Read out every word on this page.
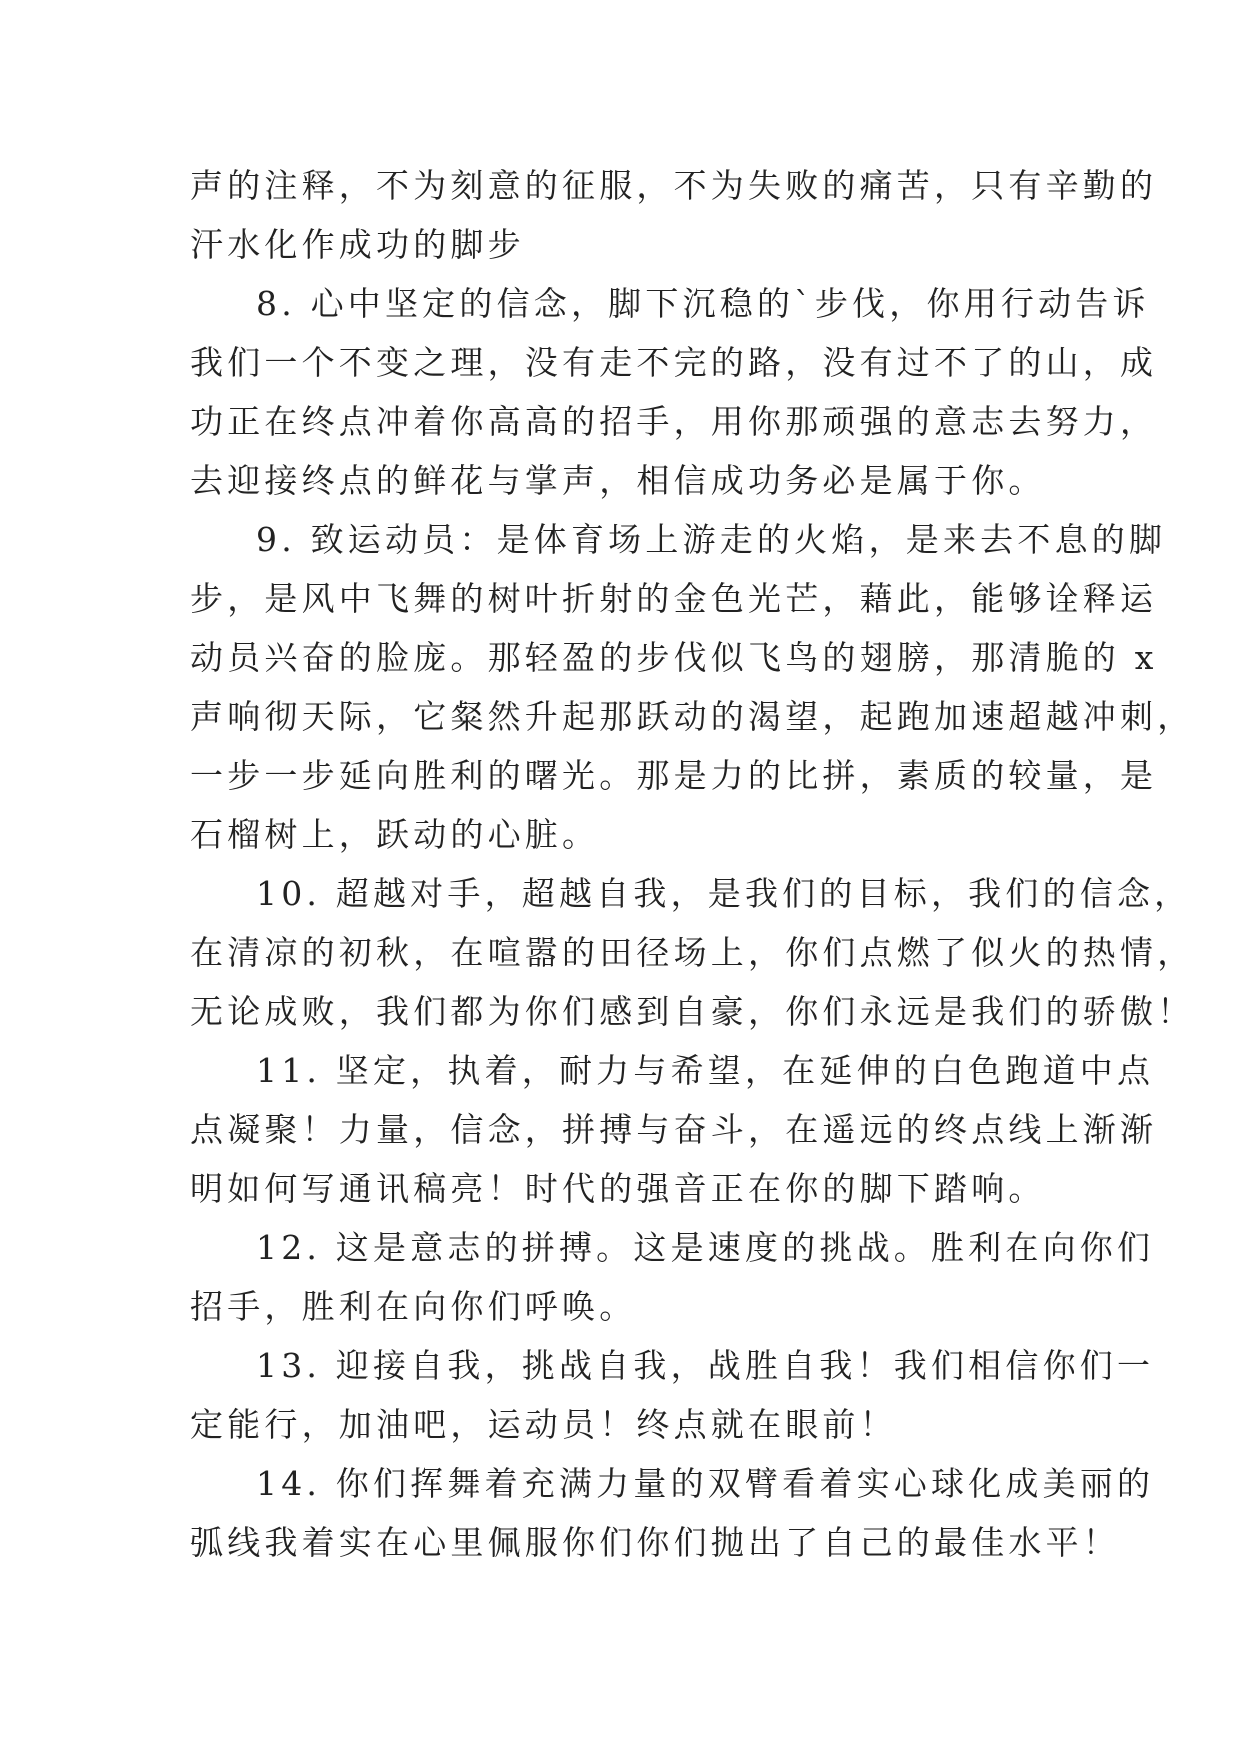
声的注释，不为刻意的征服，不为失败的痛苦，只有辛勤的
汗水化作成功的脚步
8. 心中坚定的信念，脚下沉稳的`步伐，你用行动告诉
我们一个不变之理，没有走不完的路，没有过不了的山，成
功正在终点冲着你高高的招手，用你那顽强的意志去努力，
去迎接终点的鲜花与掌声，相信成功务必是属于你。
9. 致运动员：是体育场上游走的火焰，是来去不息的脚
步，是风中飞舞的树叶折射的金色光芒，藉此，能够诠释运
动员兴奋的脸庞。那轻盈的步伐似飞鸟的翅膀，那清脆的 x
声响彻天际，它粲然升起那跃动的渴望，起跑加速超越冲刺，
一步一步延向胜利的曙光。那是力的比拼，素质的较量，是
石榴树上，跃动的心脏。
10. 超越对手，超越自我，是我们的目标，我们的信念，
在清凉的初秋，在喧嚣的田径场上，你们点燃了似火的热情，
无论成败，我们都为你们感到自豪，你们永远是我们的骄傲！
11. 坚定，执着，耐力与希望，在延伸的白色跑道中点
点凝聚！力量，信念，拼搏与奋斗，在遥远的终点线上渐渐
明如何写通讯稿亮！时代的强音正在你的脚下踏响。
12. 这是意志的拼搏。这是速度的挑战。胜利在向你们
招手，胜利在向你们呼唤。
13. 迎接自我，挑战自我，战胜自我！我们相信你们一
定能行，加油吧，运动员！终点就在眼前！
14. 你们挥舞着充满力量的双臂看着实心球化成美丽的
弧线我着实在心里佩服你们你们抛出了自己的最佳水平！
